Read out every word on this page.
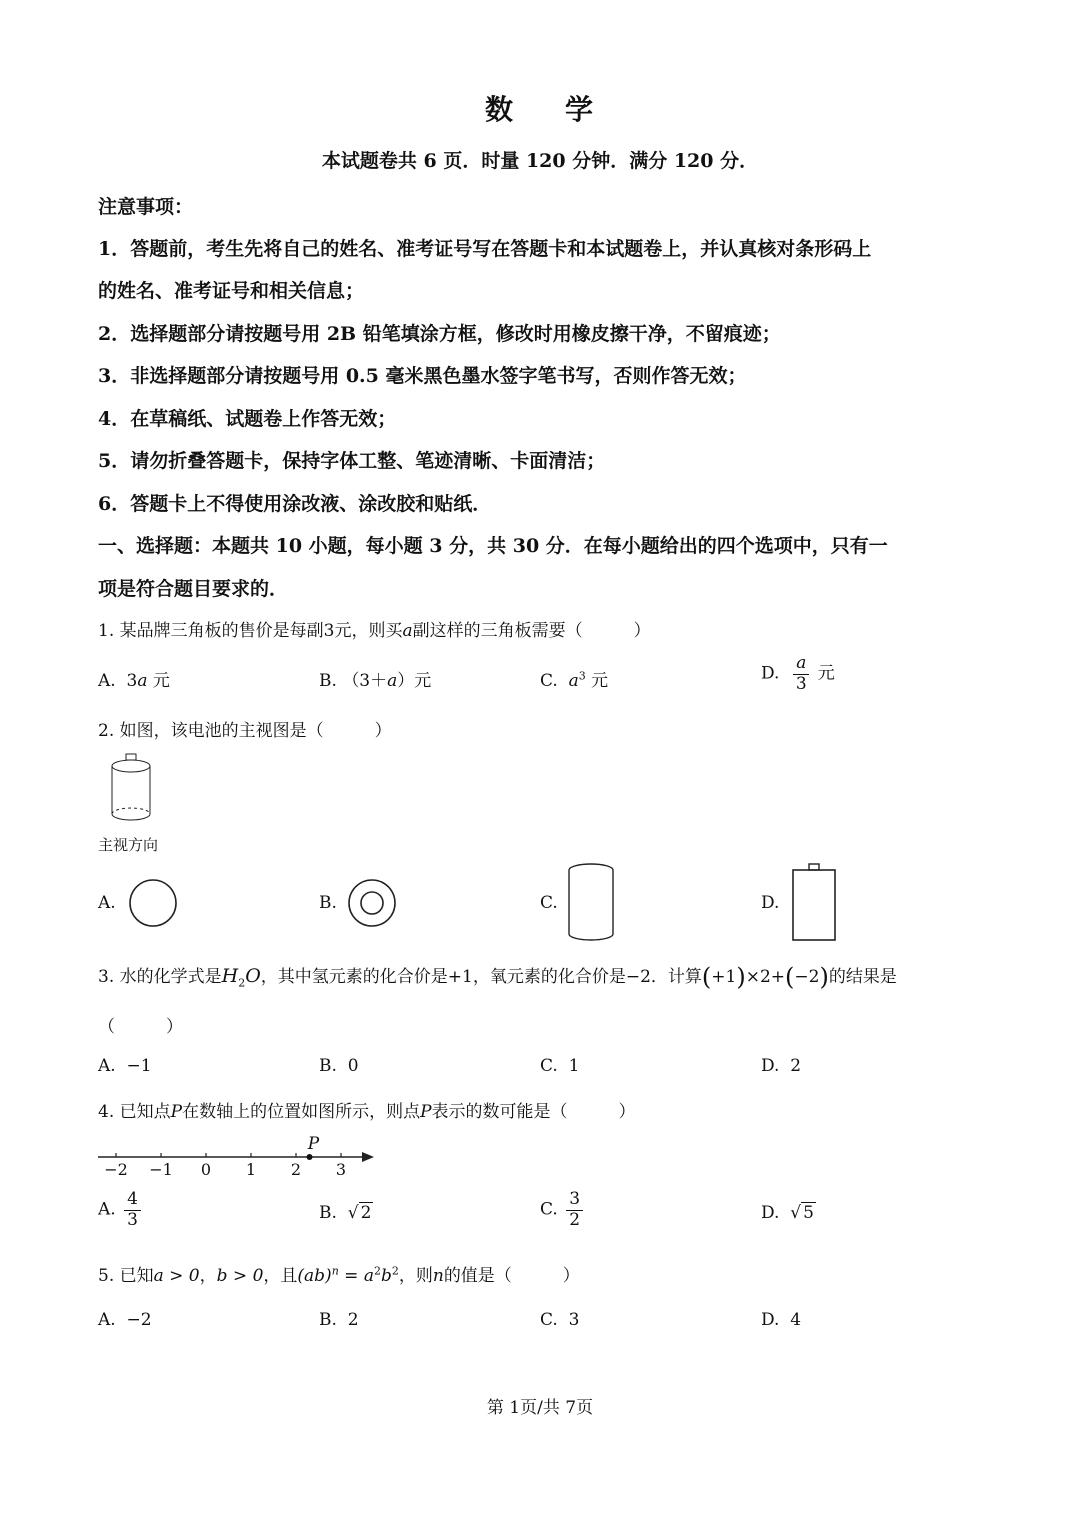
数 学
本试题卷共 6 页．时量 120 分钟．满分 120 分．
注意事项：
1．答题前，考生先将自己的姓名、准考证号写在答题卡和本试题卷上，并认真核对条形码上
的姓名、准考证号和相关信息；
2．选择题部分请按题号用 2B 铅笔填涂方框，修改时用橡皮擦干净，不留痕迹；
3．非选择题部分请按题号用 0.5 毫米黑色墨水签字笔书写，否则作答无效；
4．在草稿纸、试题卷上作答无效；
5．请勿折叠答题卡，保持字体工整、笔迹清晰、卡面清洁；
6．答题卡上不得使用涂改液、涂改胶和贴纸．
一、选择题：本题共 10 小题，每小题 3 分，共 30 分．在每小题给出的四个选项中，只有一
项是符合题目要求的．
1. 某品牌三角板的售价是每副3元，则买a副这样的三角板需要（　　　）
A. 3a 元	B. （3＋a）元	C. $a^3$ 元	D. $\frac{a}{3}$ 元
2. 如图，该电池的主视图是（　　　）
主视方向
A.	B.	C.	D.
3. 水的化学式是$H_2O$，其中氢元素的化合价是+1，氧元素的化合价是−2．计算(+1)×2+(−2)的结果是
（　　　）
A. −1	B. 0	C. 1	D. 2
4. 已知点P在数轴上的位置如图所示，则点P表示的数可能是（　　　）
−2 −1 0 1 2 3
P
A. $\frac{4}{3}$	B. √ 2	C. $\frac{3}{2}$	D. √ 5
5. 已知a > 0，b > 0，且$(ab)^n = a^2b^2$，则n的值是（　　　）
A. −2	B. 2	C. 3	D. 4
第 1页/共 7页
